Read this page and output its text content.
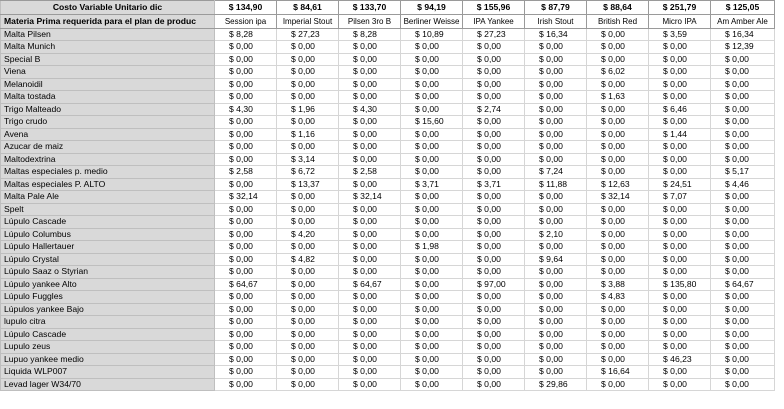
Costo Variable Unitario dic	$ 134,90	$ 84,61	$ 133,70	$ 94,19	$ 155,96	$ 87,79	$ 88,64	$ 251,79	$ 125,05
Materia Prima requerida para el plan de produc	Session ipa	Imperial Stout	Pilsen 3ro B	Berliner Weisse	IPA Yankee	Irish Stout	British Red	Micro IPA	Am Amber Ale
Malta Pilsen	$ 8,28	$ 27,23	$ 8,28	$ 10,89	$ 27,23	$ 16,34	$ 0,00	$ 3,59	$ 16,34
Malta Munich	$ 0,00	$ 0,00	$ 0,00	$ 0,00	$ 0,00	$ 0,00	$ 0,00	$ 0,00	$ 12,39
Special B	$ 0,00	$ 0,00	$ 0,00	$ 0,00	$ 0,00	$ 0,00	$ 0,00	$ 0,00	$ 0,00
Viena	$ 0,00	$ 0,00	$ 0,00	$ 0,00	$ 0,00	$ 0,00	$ 6,02	$ 0,00	$ 0,00
Melanoidil	$ 0,00	$ 0,00	$ 0,00	$ 0,00	$ 0,00	$ 0,00	$ 0,00	$ 0,00	$ 0,00
Malta tostada	$ 0,00	$ 0,00	$ 0,00	$ 0,00	$ 0,00	$ 0,00	$ 1,63	$ 0,00	$ 0,00
Trigo Malteado	$ 4,30	$ 1,96	$ 4,30	$ 0,00	$ 2,74	$ 0,00	$ 0,00	$ 6,46	$ 0,00
Trigo crudo	$ 0,00	$ 0,00	$ 0,00	$ 15,60	$ 0,00	$ 0,00	$ 0,00	$ 0,00	$ 0,00
Avena	$ 0,00	$ 1,16	$ 0,00	$ 0,00	$ 0,00	$ 0,00	$ 0,00	$ 1,44	$ 0,00
Azucar de maiz	$ 0,00	$ 0,00	$ 0,00	$ 0,00	$ 0,00	$ 0,00	$ 0,00	$ 0,00	$ 0,00
Maltodextrina	$ 0,00	$ 3,14	$ 0,00	$ 0,00	$ 0,00	$ 0,00	$ 0,00	$ 0,00	$ 0,00
Maltas especiales p. medio	$ 2,58	$ 6,72	$ 2,58	$ 0,00	$ 0,00	$ 7,24	$ 0,00	$ 0,00	$ 5,17
Maltas especiales P. ALTO	$ 0,00	$ 13,37	$ 0,00	$ 3,71	$ 3,71	$ 11,88	$ 12,63	$ 24,51	$ 4,46
Malta Pale Ale	$ 32,14	$ 0,00	$ 32,14	$ 0,00	$ 0,00	$ 0,00	$ 32,14	$ 7,07	$ 0,00
Spelt	$ 0,00	$ 0,00	$ 0,00	$ 0,00	$ 0,00	$ 0,00	$ 0,00	$ 0,00	$ 0,00
Lúpulo Cascade	$ 0,00	$ 0,00	$ 0,00	$ 0,00	$ 0,00	$ 0,00	$ 0,00	$ 0,00	$ 0,00
Lúpulo Columbus	$ 0,00	$ 4,20	$ 0,00	$ 0,00	$ 0,00	$ 2,10	$ 0,00	$ 0,00	$ 0,00
Lúpulo Hallertauer	$ 0,00	$ 0,00	$ 0,00	$ 1,98	$ 0,00	$ 0,00	$ 0,00	$ 0,00	$ 0,00
Lúpulo Crystal	$ 0,00	$ 4,82	$ 0,00	$ 0,00	$ 0,00	$ 9,64	$ 0,00	$ 0,00	$ 0,00
Lúpulo Saaz o Styrian	$ 0,00	$ 0,00	$ 0,00	$ 0,00	$ 0,00	$ 0,00	$ 0,00	$ 0,00	$ 0,00
Lúpulo yankee Alto	$ 64,67	$ 0,00	$ 64,67	$ 0,00	$ 97,00	$ 0,00	$ 3,88	$ 135,80	$ 64,67
Lúpulo Fuggles	$ 0,00	$ 0,00	$ 0,00	$ 0,00	$ 0,00	$ 0,00	$ 4,83	$ 0,00	$ 0,00
Lúpulos yankee Bajo	$ 0,00	$ 0,00	$ 0,00	$ 0,00	$ 0,00	$ 0,00	$ 0,00	$ 0,00	$ 0,00
lupulo citra	$ 0,00	$ 0,00	$ 0,00	$ 0,00	$ 0,00	$ 0,00	$ 0,00	$ 0,00	$ 0,00
Lúpulo Cascade	$ 0,00	$ 0,00	$ 0,00	$ 0,00	$ 0,00	$ 0,00	$ 0,00	$ 0,00	$ 0,00
Lupulo zeus	$ 0,00	$ 0,00	$ 0,00	$ 0,00	$ 0,00	$ 0,00	$ 0,00	$ 0,00	$ 0,00
Lupuo yankee medio	$ 0,00	$ 0,00	$ 0,00	$ 0,00	$ 0,00	$ 0,00	$ 0,00	$ 46,23	$ 0,00
Liquida WLP007	$ 0,00	$ 0,00	$ 0,00	$ 0,00	$ 0,00	$ 0,00	$ 16,64	$ 0,00	$ 0,00
Levad lager W34/70	$ 0,00	$ 0,00	$ 0,00	$ 0,00	$ 0,00	$ 29,86	$ 0,00	$ 0,00	$ 0,00
